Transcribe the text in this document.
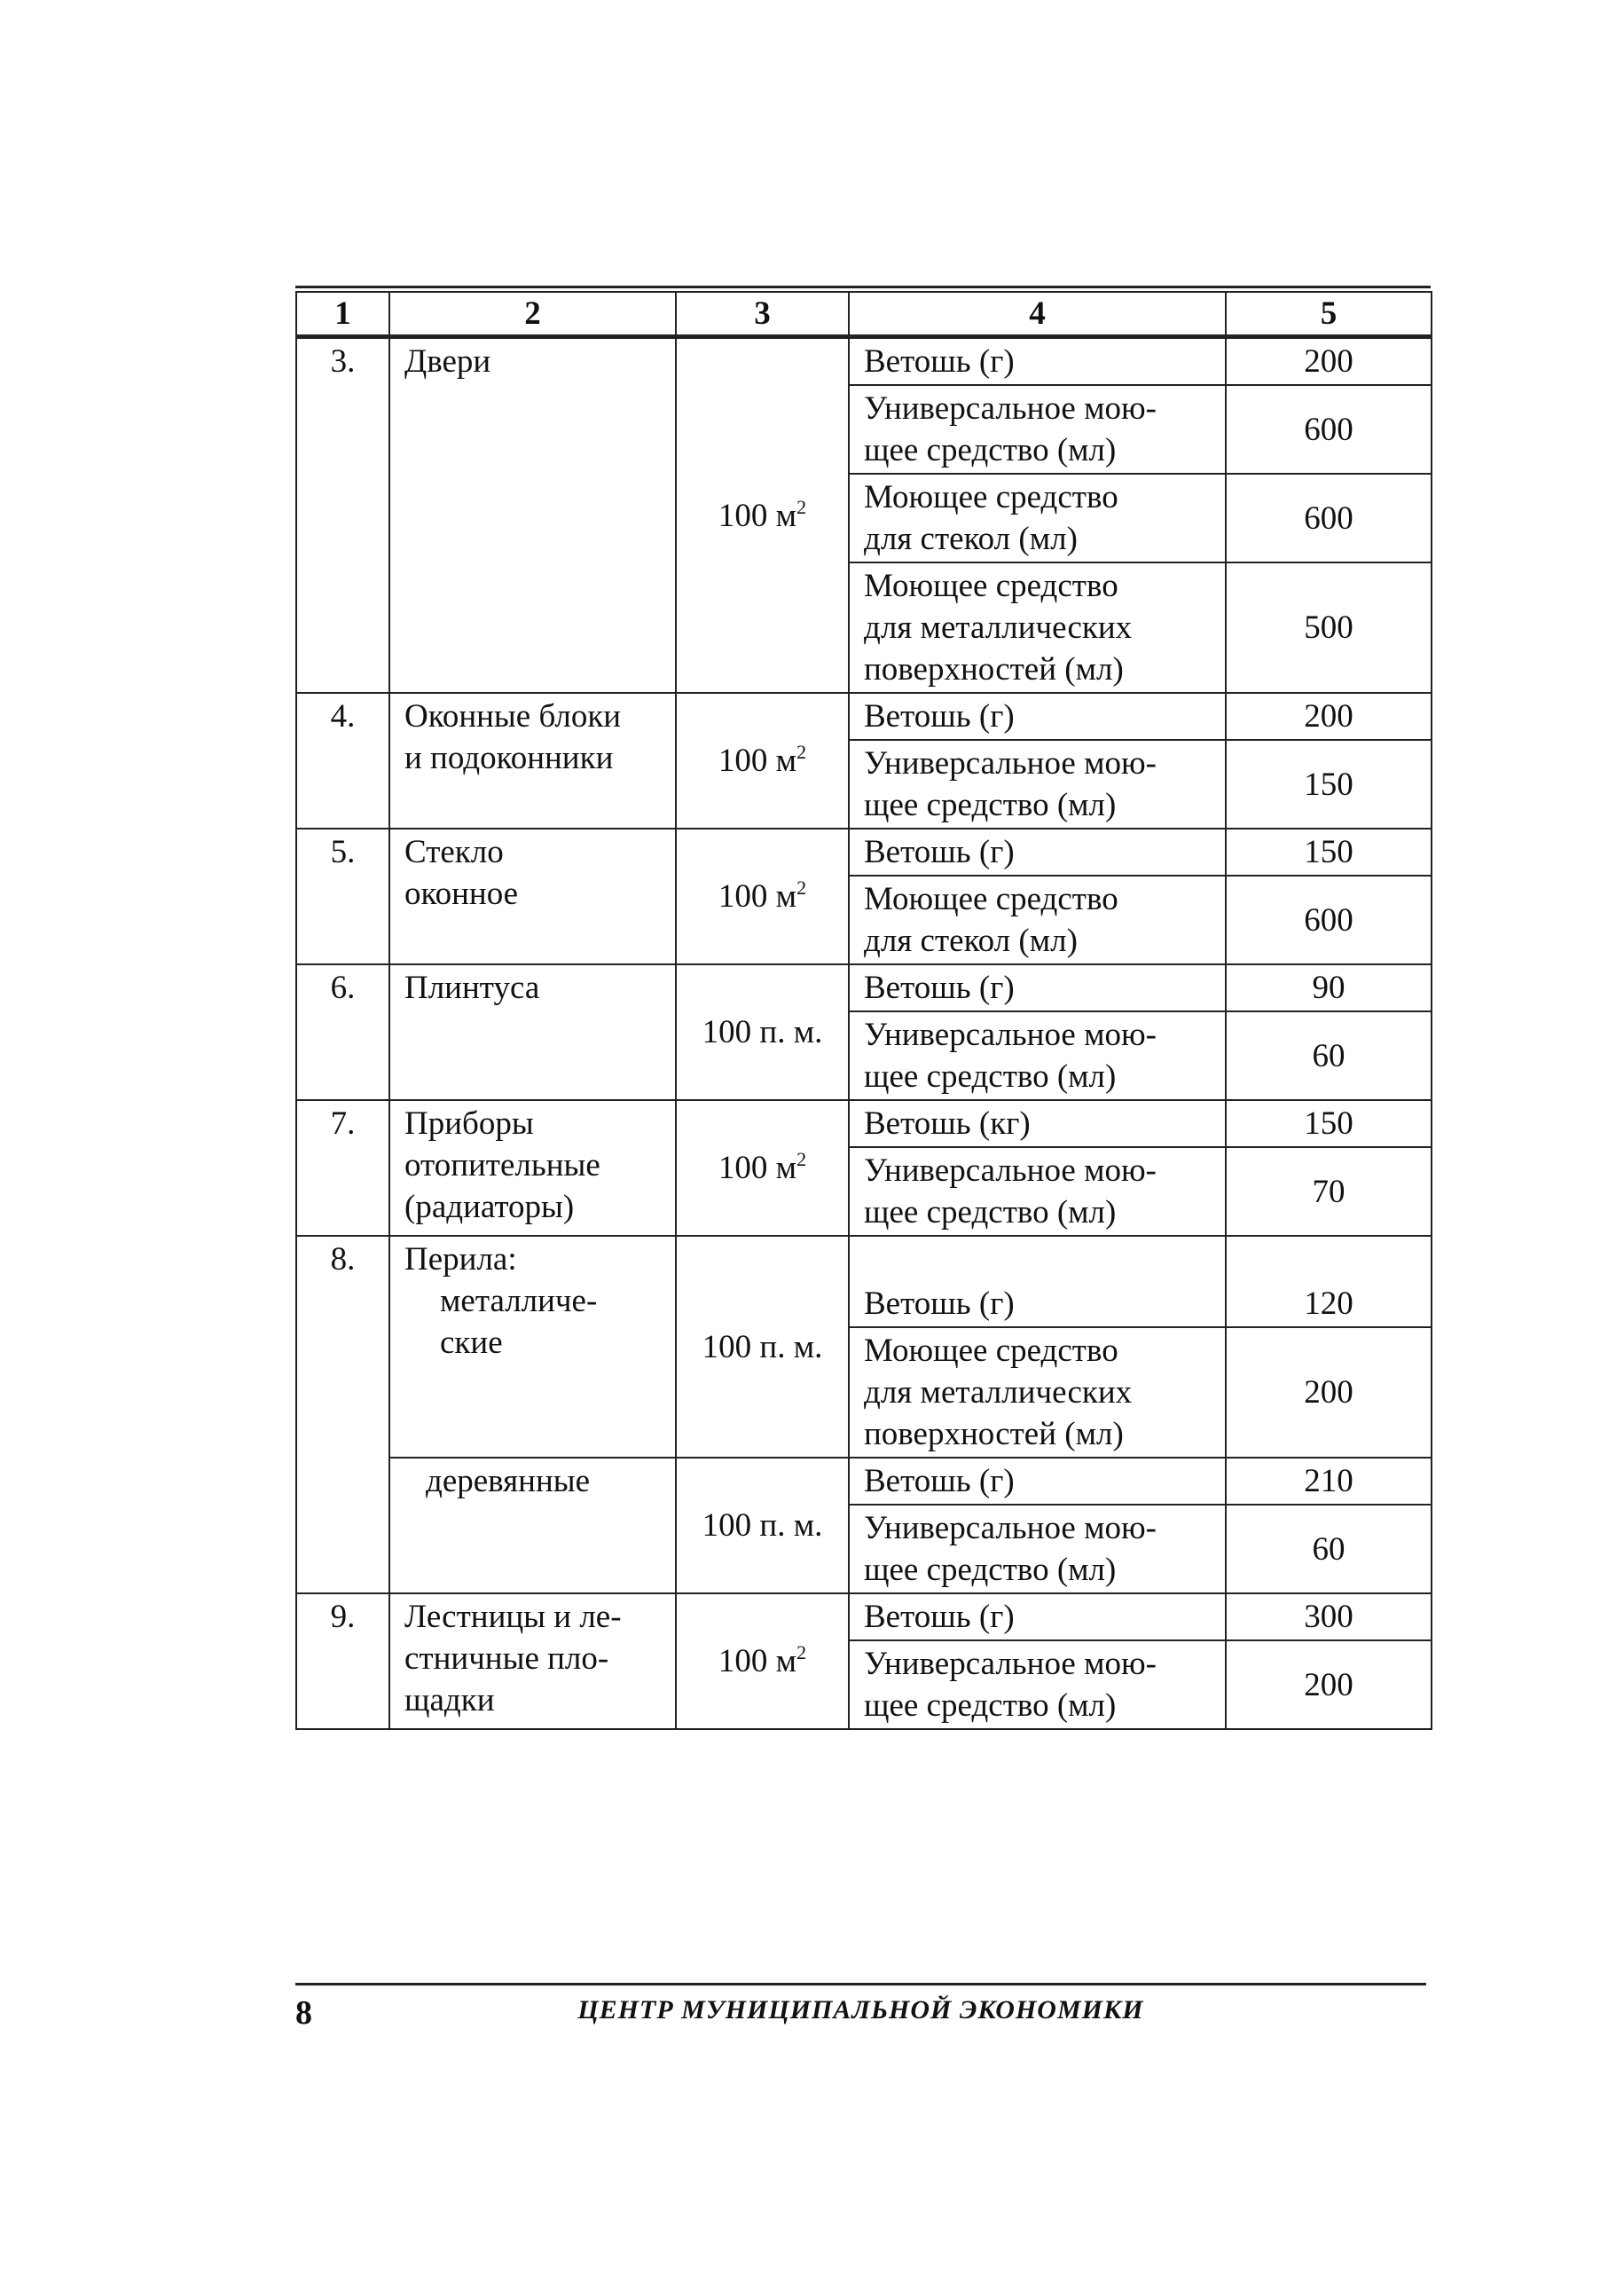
1	2	3	4	5
3.	Двери	100 $м^2$	Ветошь (г)	200
			Универсальное мою-
щее средство (мл)	600
			Моющее средство
для стекол (мл)	600
			Моющее средство
для металлических
поверхностей (мл)	500
4.	Оконные блоки
и подоконники	100 $м^2$	Ветошь (г)	200
			Универсальное мою-
щее средство (мл)	150
5.	Стекло
оконное	100 $м^2$	Ветошь (г)	150
			Моющее средство
для стекол (мл)	600
6.	Плинтуса	100 п. м.	Ветошь (г)	90
			Универсальное мою-
щее средство (мл)	60
7.	Приборы
отопительные
(радиаторы)	100 $м^2$	Ветошь (кг)	150
			Универсальное мою-
щее средство (мл)	70
8.	Перила:
металличе-
ские	100 п. м.	Ветошь (г)	120
			Моющее средство
для металлических
поверхностей (мл)	200
	деревянные	100 п. м.	Ветошь (г)	210
			Универсальное мою-
щее средство (мл)	60
9.	Лестницы и ле-
стничные пло-
щадки	100 $м^2$	Ветошь (г)	300
			Универсальное мою-
щее средство (мл)	200
8	ЦЕНТР МУНИЦИПАЛЬНОЙ ЭКОНОМИКИ
